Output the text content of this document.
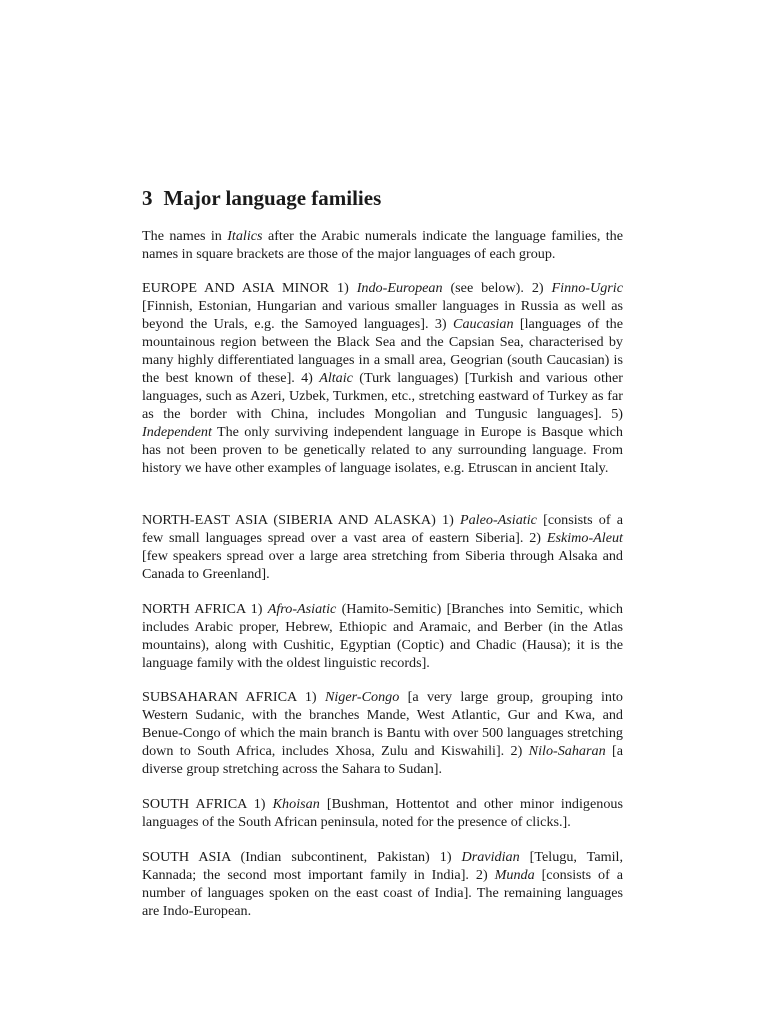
3 Major language families

The names in Italics after the Arabic numerals indicate the language families, the names in square brackets are those of the major languages of each group.

EUROPE AND ASIA MINOR 1) Indo-European (see below). 2) Finno-Ugric [Finnish, Estonian, Hungarian and various smaller languages in Russia as well as beyond the Urals, e.g. the Samoyed languages]. 3) Caucasian [languages of the mountainous region between the Black Sea and the Capsian Sea, characterised by many highly differentiated languages in a small area, Geogrian (south Caucasian) is the best known of these]. 4) Altaic (Turk languages) [Turkish and various other languages, such as Azeri, Uzbek, Turkmen, etc., stretching eastward of Turkey as far as the border with China, includes Mongolian and Tungusic languages]. 5) Independent The only surviving independent language in Europe is Basque which has not been proven to be genetically related to any surrounding language. From history we have other examples of language isolates, e.g. Etruscan in ancient Italy.

NORTH-EAST ASIA (SIBERIA AND ALASKA) 1) Paleo-Asiatic [consists of a few small languages spread over a vast area of eastern Siberia]. 2) Eskimo-Aleut [few speakers spread over a large area stretching from Siberia through Alsaka and Canada to Greenland].

NORTH AFRICA 1) Afro-Asiatic (Hamito-Semitic) [Branches into Semitic, which includes Arabic proper, Hebrew, Ethiopic and Aramaic, and Berber (in the Atlas mountains), along with Cushitic, Egyptian (Coptic) and Chadic (Hausa); it is the language family with the oldest linguistic records].

SUBSAHARAN AFRICA 1) Niger-Congo [a very large group, grouping into Western Sudanic, with the branches Mande, West Atlantic, Gur and Kwa, and Benue-Congo of which the main branch is Bantu with over 500 languages stretching down to South Africa, includes Xhosa, Zulu and Kiswahili]. 2) Nilo-Saharan [a diverse group stretching across the Sahara to Sudan].

SOUTH AFRICA 1) Khoisan [Bushman, Hottentot and other minor indigenous languages of the South African peninsula, noted for the presence of clicks.].

SOUTH ASIA (Indian subcontinent, Pakistan) 1) Dravidian [Telugu, Tamil, Kannada; the second most important family in India]. 2) Munda [consists of a number of languages spoken on the east coast of India]. The remaining languages are Indo-European.
